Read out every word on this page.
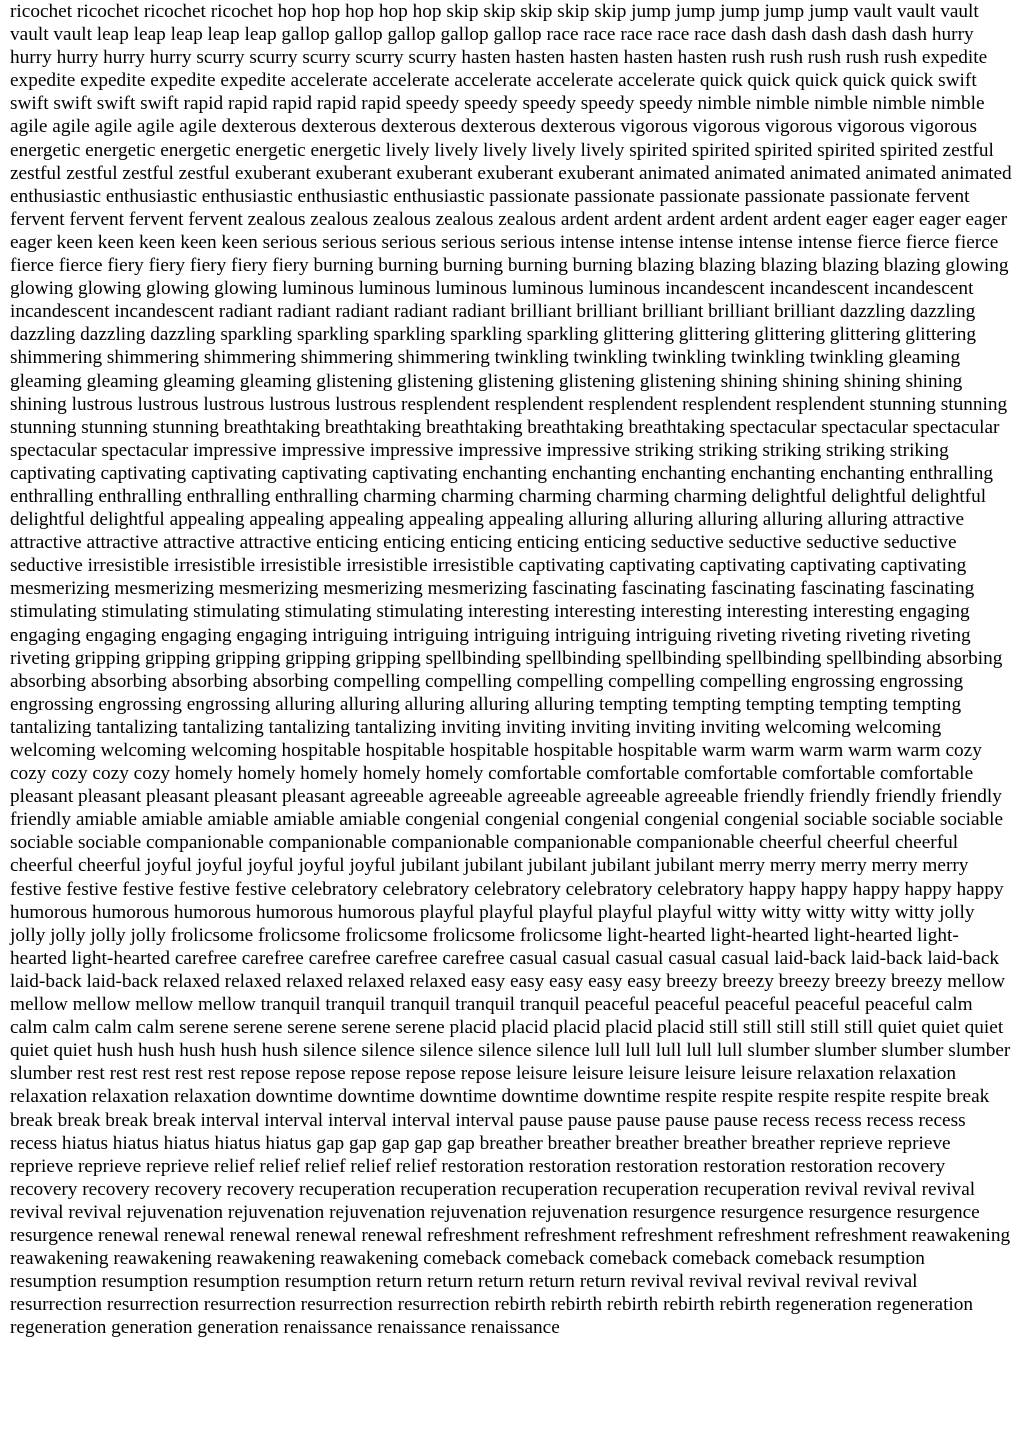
ricochet ricochet ricochet ricochet hop hop hop hop hop skip skip skip skip skip jump jump jump jump jump vault vault vault vault vault leap leap leap leap leap gallop gallop gallop gallop gallop race race race race race dash dash dash dash dash hurry hurry hurry hurry hurry scurry scurry scurry scurry scurry hasten hasten hasten hasten hasten rush rush rush rush rush expedite expedite expedite expedite expedite accelerate accelerate accelerate accelerate accelerate quick quick quick quick quick swift swift swift swift swift rapid rapid rapid rapid rapid speedy speedy speedy speedy speedy nimble nimble nimble nimble nimble agile agile agile agile agile dexterous dexterous dexterous dexterous dexterous vigorous vigorous vigorous vigorous vigorous energetic energetic energetic energetic energetic lively lively lively lively lively spirited spirited spirited spirited spirited zestful zestful zestful zestful zestful exuberant exuberant exuberant exuberant exuberant animated animated animated animated animated enthusiastic enthusiastic enthusiastic enthusiastic enthusiastic passionate passionate passionate passionate passionate fervent fervent fervent fervent fervent zealous zealous zealous zealous zealous ardent ardent ardent ardent ardent eager eager eager eager eager keen keen keen keen keen serious serious serious serious serious intense intense intense intense intense fierce fierce fierce fierce fierce fiery fiery fiery fiery fiery burning burning burning burning burning blazing blazing blazing blazing blazing glowing glowing glowing glowing glowing luminous luminous luminous luminous luminous incandescent incandescent incandescent incandescent incandescent radiant radiant radiant radiant radiant brilliant brilliant brilliant brilliant brilliant dazzling dazzling dazzling dazzling dazzling sparkling sparkling sparkling sparkling sparkling glittering glittering glittering glittering glittering shimmering shimmering shimmering shimmering shimmering twinkling twinkling twinkling twinkling twinkling gleaming gleaming gleaming gleaming gleaming glistening glistening glistening glistening glistening shining shining shining shining shining lustrous lustrous lustrous lustrous lustrous resplendent resplendent resplendent resplendent resplendent stunning stunning stunning stunning stunning breathtaking breathtaking breathtaking breathtaking breathtaking spectacular spectacular spectacular spectacular spectacular impressive impressive impressive impressive impressive striking striking striking striking striking captivating captivating captivating captivating captivating enchanting enchanting enchanting enchanting enchanting enthralling enthralling enthralling enthralling enthralling charming charming charming charming charming delightful delightful delightful delightful delightful appealing appealing appealing appealing appealing alluring alluring alluring alluring alluring attractive attractive attractive attractive attractive enticing enticing enticing enticing enticing seductive seductive seductive seductive seductive irresistible irresistible irresistible irresistible irresistible captivating captivating captivating captivating captivating mesmerizing mesmerizing mesmerizing mesmerizing mesmerizing fascinating fascinating fascinating fascinating fascinating stimulating stimulating stimulating stimulating stimulating interesting interesting interesting interesting interesting engaging engaging engaging engaging engaging intriguing intriguing intriguing intriguing intriguing riveting riveting riveting riveting riveting gripping gripping gripping gripping gripping spellbinding spellbinding spellbinding spellbinding spellbinding absorbing absorbing absorbing absorbing absorbing compelling compelling compelling compelling compelling engrossing engrossing engrossing engrossing engrossing alluring alluring alluring alluring alluring tempting tempting tempting tempting tempting tantalizing tantalizing tantalizing tantalizing tantalizing inviting inviting inviting inviting inviting welcoming welcoming welcoming welcoming welcoming hospitable hospitable hospitable hospitable hospitable warm warm warm warm warm cozy cozy cozy cozy cozy homely homely homely homely homely comfortable comfortable comfortable comfortable comfortable pleasant pleasant pleasant pleasant pleasant agreeable agreeable agreeable agreeable agreeable friendly friendly friendly friendly friendly amiable amiable amiable amiable amiable congenial congenial congenial congenial congenial sociable sociable sociable sociable sociable companionable companionable companionable companionable companionable cheerful cheerful cheerful cheerful cheerful joyful joyful joyful joyful joyful jubilant jubilant jubilant jubilant jubilant merry merry merry merry merry festive festive festive festive festive celebratory celebratory celebratory celebratory celebratory happy happy happy happy happy humorous humorous humorous humorous humorous playful playful playful playful playful witty witty witty witty witty jolly jolly jolly jolly jolly frolicsome frolicsome frolicsome frolicsome frolicsome light-hearted light-hearted light-hearted light-hearted light-hearted carefree carefree carefree carefree carefree casual casual casual casual casual laid-back laid-back laid-back laid-back laid-back relaxed relaxed relaxed relaxed relaxed easy easy easy easy easy breezy breezy breezy breezy breezy mellow mellow mellow mellow mellow tranquil tranquil tranquil tranquil tranquil peaceful peaceful peaceful peaceful peaceful calm calm calm calm calm serene serene serene serene serene placid placid placid placid placid still still still still still quiet quiet quiet quiet quiet hush hush hush hush hush silence silence silence silence silence lull lull lull lull lull slumber slumber slumber slumber slumber rest rest rest rest rest repose repose repose repose repose leisure leisure leisure leisure leisure relaxation relaxation relaxation relaxation relaxation downtime downtime downtime downtime downtime respite respite respite respite respite break break break break break interval interval interval interval interval pause pause pause pause pause recess recess recess recess recess hiatus hiatus hiatus hiatus hiatus gap gap gap gap gap breather breather breather breather breather reprieve reprieve reprieve reprieve reprieve relief relief relief relief relief restoration restoration restoration restoration restoration recovery recovery recovery recovery recovery recuperation recuperation recuperation recuperation recuperation revival revival revival revival revival rejuvenation rejuvenation rejuvenation rejuvenation rejuvenation resurgence resurgence resurgence resurgence resurgence renewal renewal renewal renewal renewal refreshment refreshment refreshment refreshment refreshment reawakening reawakening reawakening reawakening reawakening comeback comeback comeback comeback comeback resumption resumption resumption resumption resumption return return return return return revival revival revival revival revival resurrection resurrection resurrection resurrection resurrection rebirth rebirth rebirth rebirth rebirth regeneration regeneration regeneration generation generation renaissance renaissance renaissance
